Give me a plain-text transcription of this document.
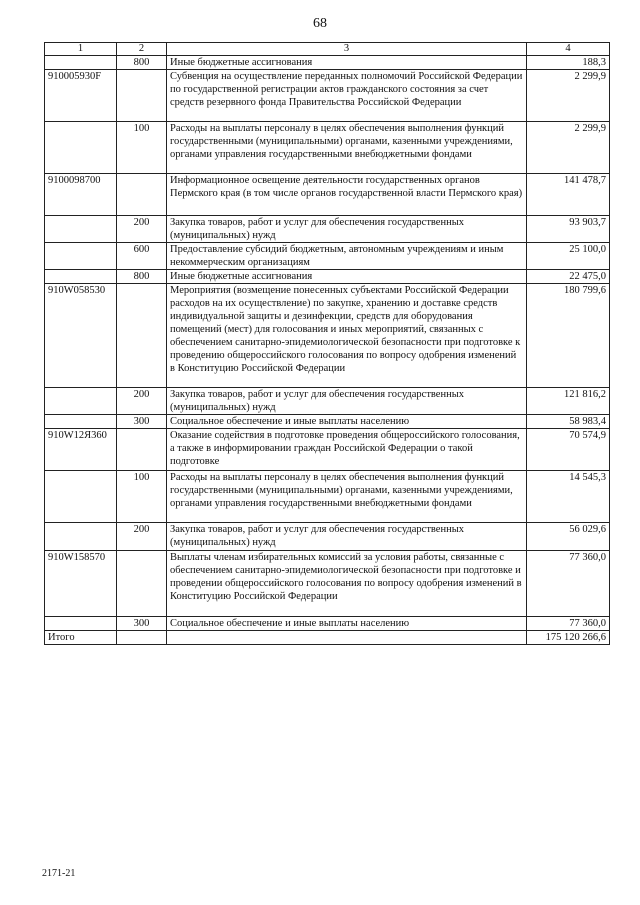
68
1	2	3	4
	800	Иные бюджетные ассигнования	188,3
910005930F		Субвенция на осуществление переданных полномочий Российской Федерации по государственной регистрации актов гражданского состояния за счет средств резервного фонда Правительства Российской Федерации	2 299,9
	100	Расходы на выплаты персоналу в целях обеспечения выполнения функций государственными (муниципальными) органами, казенными учреждениями, органами управления государственными внебюджетными фондами	2 299,9
9100098700		Информационное освещение деятельности государственных органов Пермского края (в том числе органов государственной власти Пермского края)	141 478,7
	200	Закупка товаров, работ и услуг для обеспечения государственных (муниципальных) нужд	93 903,7
	600	Предоставление субсидий бюджетным, автономным учреждениям и иным некоммерческим организациям	25 100,0
	800	Иные бюджетные ассигнования	22 475,0
910W058530		Мероприятия (возмещение понесенных субъектами Российской Федерации расходов на их осуществление) по закупке, хранению и доставке средств индивидуальной защиты и дезинфекции, средств для оборудования помещений (мест) для голосования и иных мероприятий, связанных с обеспечением санитарно-эпидемиологической безопасности при подготовке к проведению общероссийского голосования по вопросу одобрения изменений в Конституцию Российской Федерации	180 799,6
	200	Закупка товаров, работ и услуг для обеспечения государственных (муниципальных) нужд	121 816,2
	300	Социальное обеспечение и иные выплаты населению	58 983,4
910W12Я360		Оказание содействия в подготовке проведения общероссийского голосования, а также в информировании граждан Российской Федерации о такой подготовке	70 574,9
	100	Расходы на выплаты персоналу в целях обеспечения выполнения функций государственными (муниципальными) органами, казенными учреждениями, органами управления государственными внебюджетными фондами	14 545,3
	200	Закупка товаров, работ и услуг для обеспечения государственных (муниципальных) нужд	56 029,6
910W158570		Выплаты членам избирательных комиссий за условия работы, связанные с обеспечением санитарно-эпидемиологической безопасности при подготовке и проведении общероссийского голосования по вопросу одобрения изменений в Конституцию Российской Федерации	77 360,0
	300	Социальное обеспечение и иные выплаты населению	77 360,0
Итого			175 120 266,6
2171-21
